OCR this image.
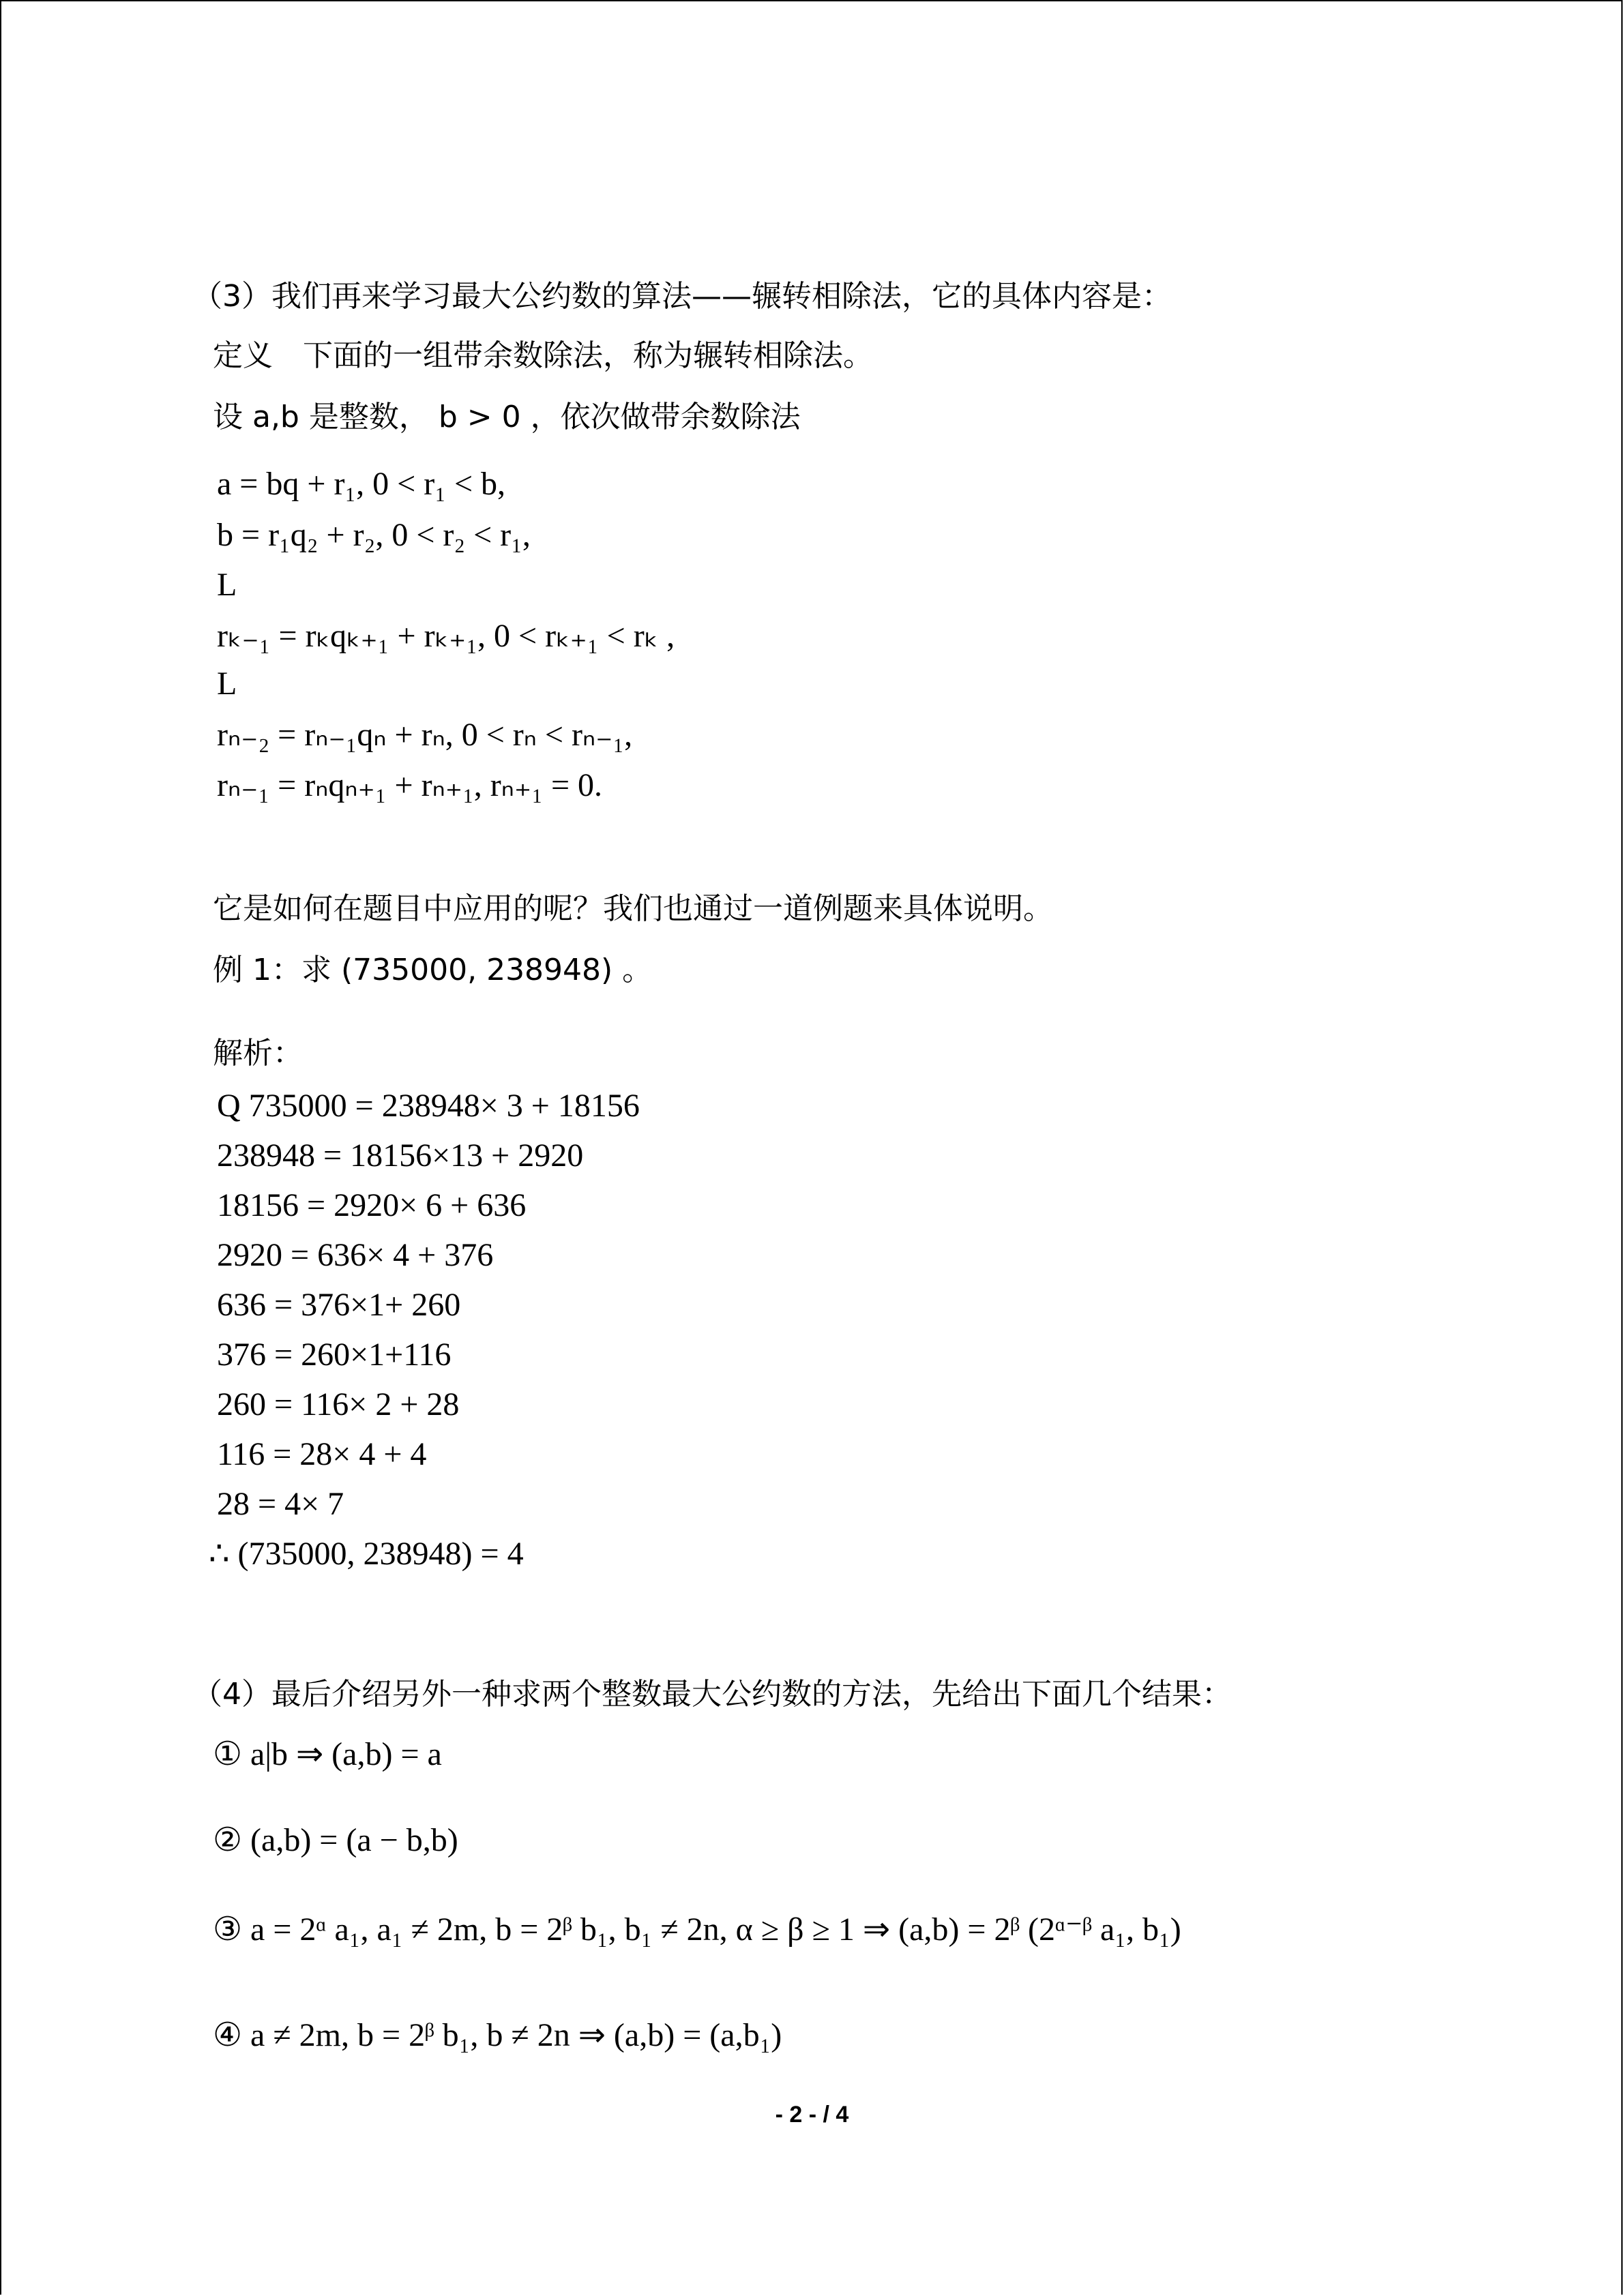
（3）我们再来学习最大公约数的算法——辗转相除法，它的具体内容是：
定义　下面的一组带余数除法，称为辗转相除法。
设 a,b 是整数， b > 0 ，依次做带余数除法
a = bq + r₁, 0 < r₁ < b,
b = r₁q₂ + r₂, 0 < r₂ < r₁,
L
rₖ₋₁ = rₖqₖ₊₁ + rₖ₊₁, 0 < rₖ₊₁ < rₖ ,
L
rₙ₋₂ = rₙ₋₁qₙ + rₙ, 0 < rₙ < rₙ₋₁,
rₙ₋₁ = rₙqₙ₊₁ + rₙ₊₁, rₙ₊₁ = 0.
它是如何在题目中应用的呢？我们也通过一道例题来具体说明。
例 1：求 (735000, 238948) 。
解析：
Q 735000 = 238948× 3 + 18156
238948 = 18156×13 + 2920
18156 = 2920× 6 + 636
2920 = 636× 4 + 376
636 = 376×1+ 260
376 = 260×1+116
260 = 116× 2 + 28
116 = 28× 4 + 4
28 = 4× 7
∴ (735000, 238948) = 4
（4）最后介绍另外一种求两个整数最大公约数的方法，先给出下面几个结果：
① a|b ⇒ (a,b) = a
② (a,b) = (a − b,b)
③ a = 2ᵅ a₁, a₁ ≠ 2m, b = 2ᵝ b₁, b₁ ≠ 2n, α ≥ β ≥ 1 ⇒ (a,b) = 2ᵝ (2ᵅ⁻ᵝ a₁, b₁)
④ a ≠ 2m, b = 2ᵝ b₁, b ≠ 2n ⇒ (a,b) = (a,b₁)
- 2 - / 4
